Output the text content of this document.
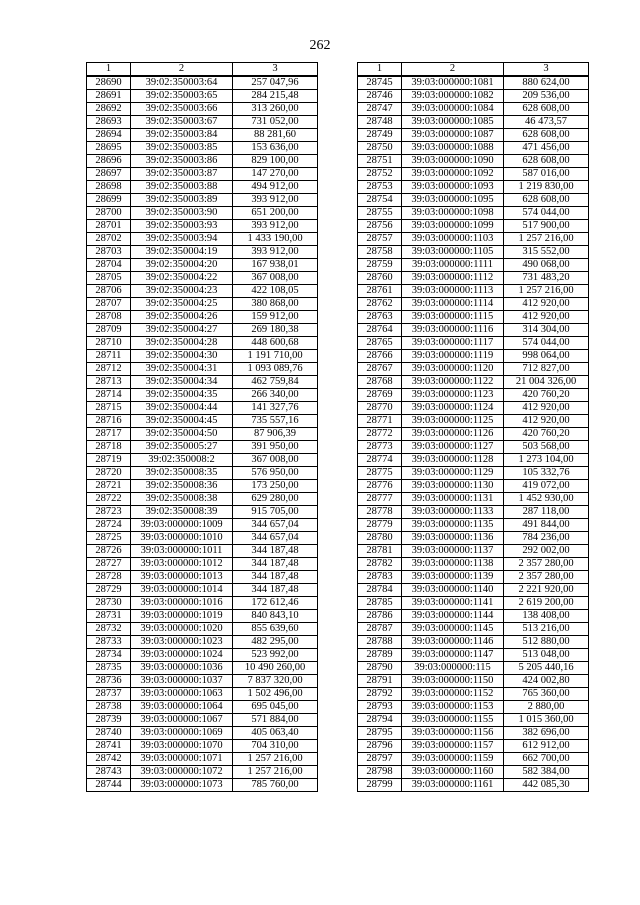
262
1	2	3
28690	39:02:350003:64	257 047,96
28691	39:02:350003:65	284 215,48
28692	39:02:350003:66	313 260,00
28693	39:02:350003:67	731 052,00
28694	39:02:350003:84	88 281,60
28695	39:02:350003:85	153 636,00
28696	39:02:350003:86	829 100,00
28697	39:02:350003:87	147 270,00
28698	39:02:350003:88	494 912,00
28699	39:02:350003:89	393 912,00
28700	39:02:350003:90	651 200,00
28701	39:02:350003:93	393 912,00
28702	39:02:350003:94	1 433 190,00
28703	39:02:350004:19	393 912,00
28704	39:02:350004:20	167 938,01
28705	39:02:350004:22	367 008,00
28706	39:02:350004:23	422 108,05
28707	39:02:350004:25	380 868,00
28708	39:02:350004:26	159 912,00
28709	39:02:350004:27	269 180,38
28710	39:02:350004:28	448 600,68
28711	39:02:350004:30	1 191 710,00
28712	39:02:350004:31	1 093 089,76
28713	39:02:350004:34	462 759,84
28714	39:02:350004:35	266 340,00
28715	39:02:350004:44	141 327,76
28716	39:02:350004:45	735 557,16
28717	39:02:350004:50	87 906,39
28718	39:02:350005:27	391 950,00
28719	39:02:350008:2	367 008,00
28720	39:02:350008:35	576 950,00
28721	39:02:350008:36	173 250,00
28722	39:02:350008:38	629 280,00
28723	39:02:350008:39	915 705,00
28724	39:03:000000:1009	344 657,04
28725	39:03:000000:1010	344 657,04
28726	39:03:000000:1011	344 187,48
28727	39:03:000000:1012	344 187,48
28728	39:03:000000:1013	344 187,48
28729	39:03:000000:1014	344 187,48
28730	39:03:000000:1016	172 612,46
28731	39:03:000000:1019	840 843,10
28732	39:03:000000:1020	855 639,60
28733	39:03:000000:1023	482 295,00
28734	39:03:000000:1024	523 992,00
28735	39:03:000000:1036	10 490 260,00
28736	39:03:000000:1037	7 837 320,00
28737	39:03:000000:1063	1 502 496,00
28738	39:03:000000:1064	695 045,00
28739	39:03:000000:1067	571 884,00
28740	39:03:000000:1069	405 063,40
28741	39:03:000000:1070	704 310,00
28742	39:03:000000:1071	1 257 216,00
28743	39:03:000000:1072	1 257 216,00
28744	39:03:000000:1073	785 760,00
1	2	3
28745	39:03:000000:1081	880 624,00
28746	39:03:000000:1082	209 536,00
28747	39:03:000000:1084	628 608,00
28748	39:03:000000:1085	46 473,57
28749	39:03:000000:1087	628 608,00
28750	39:03:000000:1088	471 456,00
28751	39:03:000000:1090	628 608,00
28752	39:03:000000:1092	587 016,00
28753	39:03:000000:1093	1 219 830,00
28754	39:03:000000:1095	628 608,00
28755	39:03:000000:1098	574 044,00
28756	39:03:000000:1099	517 900,00
28757	39:03:000000:1103	1 257 216,00
28758	39:03:000000:1105	315 552,00
28759	39:03:000000:1111	490 068,00
28760	39:03:000000:1112	731 483,20
28761	39:03:000000:1113	1 257 216,00
28762	39:03:000000:1114	412 920,00
28763	39:03:000000:1115	412 920,00
28764	39:03:000000:1116	314 304,00
28765	39:03:000000:1117	574 044,00
28766	39:03:000000:1119	998 064,00
28767	39:03:000000:1120	712 827,00
28768	39:03:000000:1122	21 004 326,00
28769	39:03:000000:1123	420 760,20
28770	39:03:000000:1124	412 920,00
28771	39:03:000000:1125	412 920,00
28772	39:03:000000:1126	420 760,20
28773	39:03:000000:1127	503 568,00
28774	39:03:000000:1128	1 273 104,00
28775	39:03:000000:1129	105 332,76
28776	39:03:000000:1130	419 072,00
28777	39:03:000000:1131	1 452 930,00
28778	39:03:000000:1133	287 118,00
28779	39:03:000000:1135	491 844,00
28780	39:03:000000:1136	784 236,00
28781	39:03:000000:1137	292 002,00
28782	39:03:000000:1138	2 357 280,00
28783	39:03:000000:1139	2 357 280,00
28784	39:03:000000:1140	2 221 920,00
28785	39:03:000000:1141	2 619 200,00
28786	39:03:000000:1144	138 408,00
28787	39:03:000000:1145	513 216,00
28788	39:03:000000:1146	512 880,00
28789	39:03:000000:1147	513 048,00
28790	39:03:000000:115	5 205 440,16
28791	39:03:000000:1150	424 002,80
28792	39:03:000000:1152	765 360,00
28793	39:03:000000:1153	2 880,00
28794	39:03:000000:1155	1 015 360,00
28795	39:03:000000:1156	382 696,00
28796	39:03:000000:1157	612 912,00
28797	39:03:000000:1159	662 700,00
28798	39:03:000000:1160	582 384,00
28799	39:03:000000:1161	442 085,30
